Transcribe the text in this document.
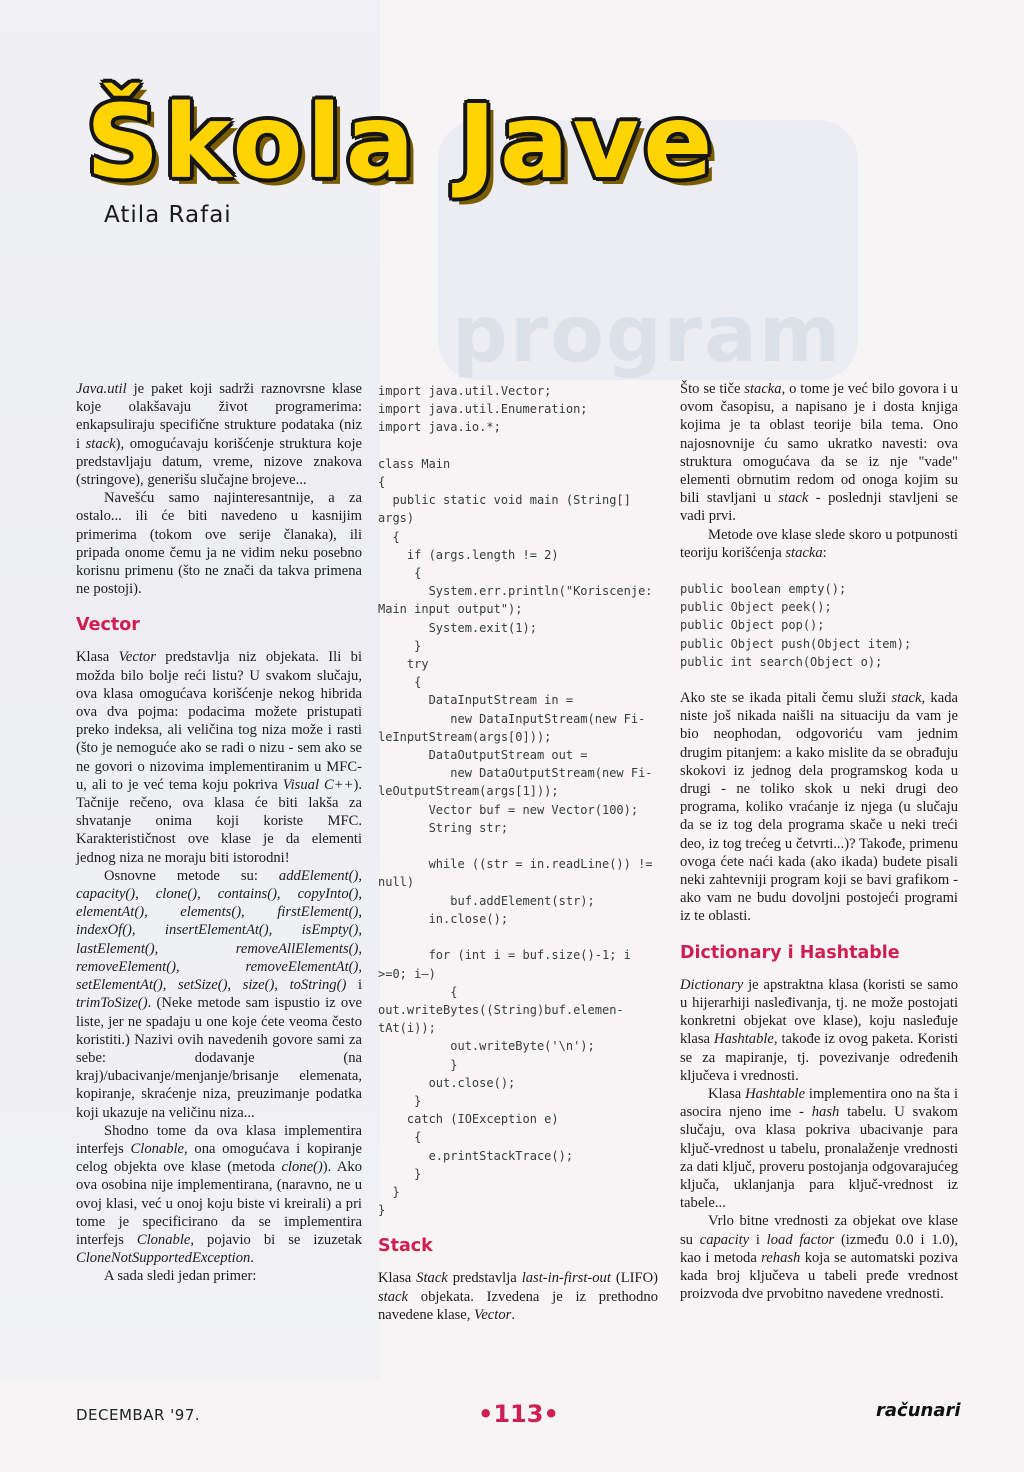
program
Škola Jave
Atila Rafai

Java.util je paket koji sadrži raznovrsne klase koje olakšavaju život programerima: enkapsuliraju specifične strukture podataka (niz i stack), omogućavaju korišćenje struktura koje predstavljaju datum, vreme, nizove znakova (stringove), generišu slučajne brojeve...

Navešću samo najinteresantnije, a za ostalo... ili će biti navedeno u kasnijim primerima (tokom ove serije članaka), ili pripada onome čemu ja ne vidim neku posebno korisnu primenu (što ne znači da takva primena ne postoji).

Vector

Klasa Vector predstavlja niz objekata. Ili bi možda bilo bolje reći listu? U svakom slučaju, ova klasa omogućava korišćenje nekog hibrida ova dva pojma: podacima možete pristupati preko indeksa, ali veličina tog niza može i rasti (što je nemoguće ako se radi o nizu - sem ako se ne govori o nizovima implementiranim u MFC-u, ali to je već tema koju pokriva Visual C++). Tačnije rečeno, ova klasa će biti lakša za shvatanje onima koji koriste MFC. Karakterističnost ove klase je da elementi jednog niza ne moraju biti istorodni!

Osnovne metode su: addElement(), capacity(), clone(), contains(), copyInto(), elementAt(), elements(), firstElement(), indexOf(), insertElementAt(), isEmpty(), lastElement(), removeAllElements(), removeElement(), removeElementAt(), setElementAt(), setSize(), size(), toString() i trimToSize(). (Neke metode sam ispustio iz ove liste, jer ne spadaju u one koje ćete veoma često koristiti.) Nazivi ovih navedenih govore sami za sebe: dodavanje (na kraj)/ubacivanje/menjanje/brisanje elemenata, kopiranje, skraćenje niza, preuzimanje podatka koji ukazuje na veličinu niza...

Shodno tome da ova klasa implementira interfejs Clonable, ona omogućava i kopiranje celog objekta ove klase (metoda clone()). Ako ova osobina nije implementirana, (naravno, ne u ovoj klasi, već u onoj koju biste vi kreirali) a pri tome je specificirano da se implementira interfejs Clonable, pojavio bi se izuzetak CloneNotSupportedException.

A sada sledi jedan primer:

import java.util.Vector;
import java.util.Enumeration;
import java.io.*;

class Main
{
public static void main (String[]
args)
{
if (args.length != 2)
{
System.err.println("Koriscenje:
Main input output");
System.exit(1);
}
try
{
DataInputStream in =
new DataInputStream(new Fi-
leInputStream(args[0]));
DataOutputStream out =
new DataOutputStream(new Fi-
leOutputStream(args[1]));
Vector buf = new Vector(100);
String str;

while ((str = in.readLine()) !=
null)
buf.addElement(str);
in.close();

for (int i = buf.size()-1; i
>=0; i—)
{
out.writeBytes((String)buf.elemen-
tAt(i));
out.writeByte('\n');
}
out.close();
}
catch (IOException e)
{
e.printStackTrace();
}
}
}
Stack

Klasa Stack predstavlja last-in-first-out (LIFO) stack objekata. Izvedena je iz prethodno navedene klase, Vector.

Što se tiče stacka, o tome je već bilo govora i u ovom časopisu, a napisano je i dosta knjiga kojima je ta oblast teorije bila tema. Ono najosnovnije ću samo ukratko navesti: ova struktura omogućava da se iz nje "vade" elementi obrnutim redom od onoga kojim su bili stavljani u stack - poslednji stavljeni se vadi prvi.

Metode ove klase slede skoro u potpunosti teoriju korišćenja stacka:

public boolean empty();
public Object peek();
public Object pop();
public Object push(Object item);
public int search(Object o);

Ako ste se ikada pitali čemu služi stack, kada niste još nikada naišli na situaciju da vam je bio neophodan, odgovoriću vam jednim drugim pitanjem: a kako mislite da se obrađuju skokovi iz jednog dela programskog koda u drugi - ne toliko skok u neki drugi deo programa, koliko vraćanje iz njega (u slučaju da se iz tog dela programa skače u neki treći deo, iz tog trećeg u četvrti...)? Takođe, primenu ovoga ćete naći kada (ako ikada) budete pisali neki zahtevniji program koji se bavi grafikom - ako vam ne budu dovoljni postojeći programi iz te oblasti.

Dictionary i Hashtable

Dictionary je apstraktna klasa (koristi se samo u hijerarhiji nasleđivanja, tj. ne može postojati konkretni objekat ove klase), koju nasleđuje klasa Hashtable, takođe iz ovog paketa. Koristi se za mapiranje, tj. povezivanje određenih ključeva i vrednosti.

Klasa Hashtable implementira ono na šta i asocira njeno ime - hash tabelu. U svakom slučaju, ova klasa pokriva ubacivanje para ključ-vrednost u tabelu, pronalaženje vrednosti za dati ključ, proveru postojanja odgovarajućeg ključa, uklanjanja para ključ-vrednost iz tabele...

Vrlo bitne vrednosti za objekat ove klase su capacity i load factor (između 0.0 i 1.0), kao i metoda rehash koja se automatski poziva kada broj ključeva u tabeli pređe vrednost proizvoda dve prvobitno navedene vrednosti.

DECEMBAR '97.	•113•	računari
